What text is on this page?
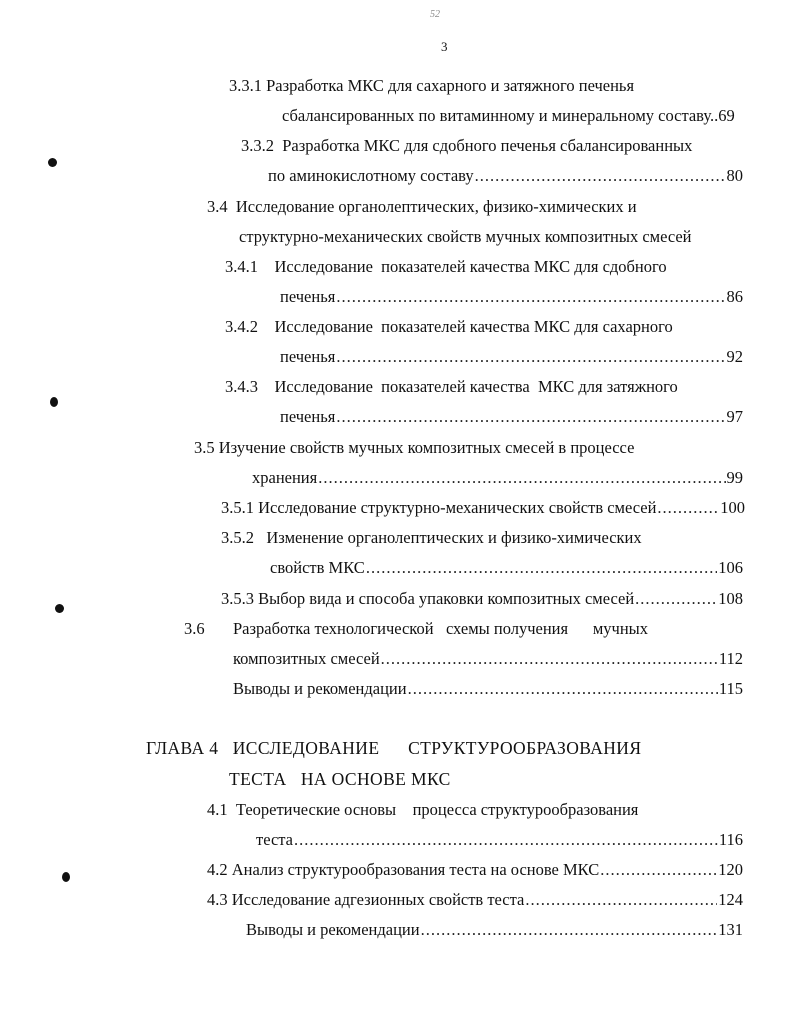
52
3
3.3.1 Разработка МКС для сахарного и затяжного печенья
сбалансированных по витаминному и минеральному составу.. 69
3.3.2  Разработка МКС для сдобного печенья сбалансированных
по аминокислотному составу .....	80
3.4  Исследование органолептических, физико-химических и
структурно-механических свойств мучных композитных смесей
3.4.1    Исследование  показателей качества МКС для сдобного
печенья .....	86
3.4.2    Исследование  показателей качества МКС для сахарного
печенья .....	92
3.4.3    Исследование  показателей качества  МКС для затяжного
печенья .....	97
3.5 Изучение свойств мучных композитных смесей в процессе
хранения .....	99
3.5.1 Исследование структурно-механических свойств смесей .....	100
3.5.2   Изменение органолептических и физико-химических
свойств МКС .....	106
3.5.3 Выбор вида и способа упаковки композитных смесей .....	108
3.6 Разработка технологической   схемы получения      мучных
композитных смесей .....	112
Выводы и рекомендации .....	115
ГЛАВА 4   ИССЛЕДОВАНИЕ      СТРУКТУРООБРАЗОВАНИЯ
ТЕСТА   НА ОСНОВЕ МКС
4.1  Теоретические основы    процесса структурообразования
теста .....	116
4.2 Анализ структурообразования теста на основе МКС .....	120
4.3 Исследование адгезионных свойств теста .....	124
Выводы и рекомендации .....	131
